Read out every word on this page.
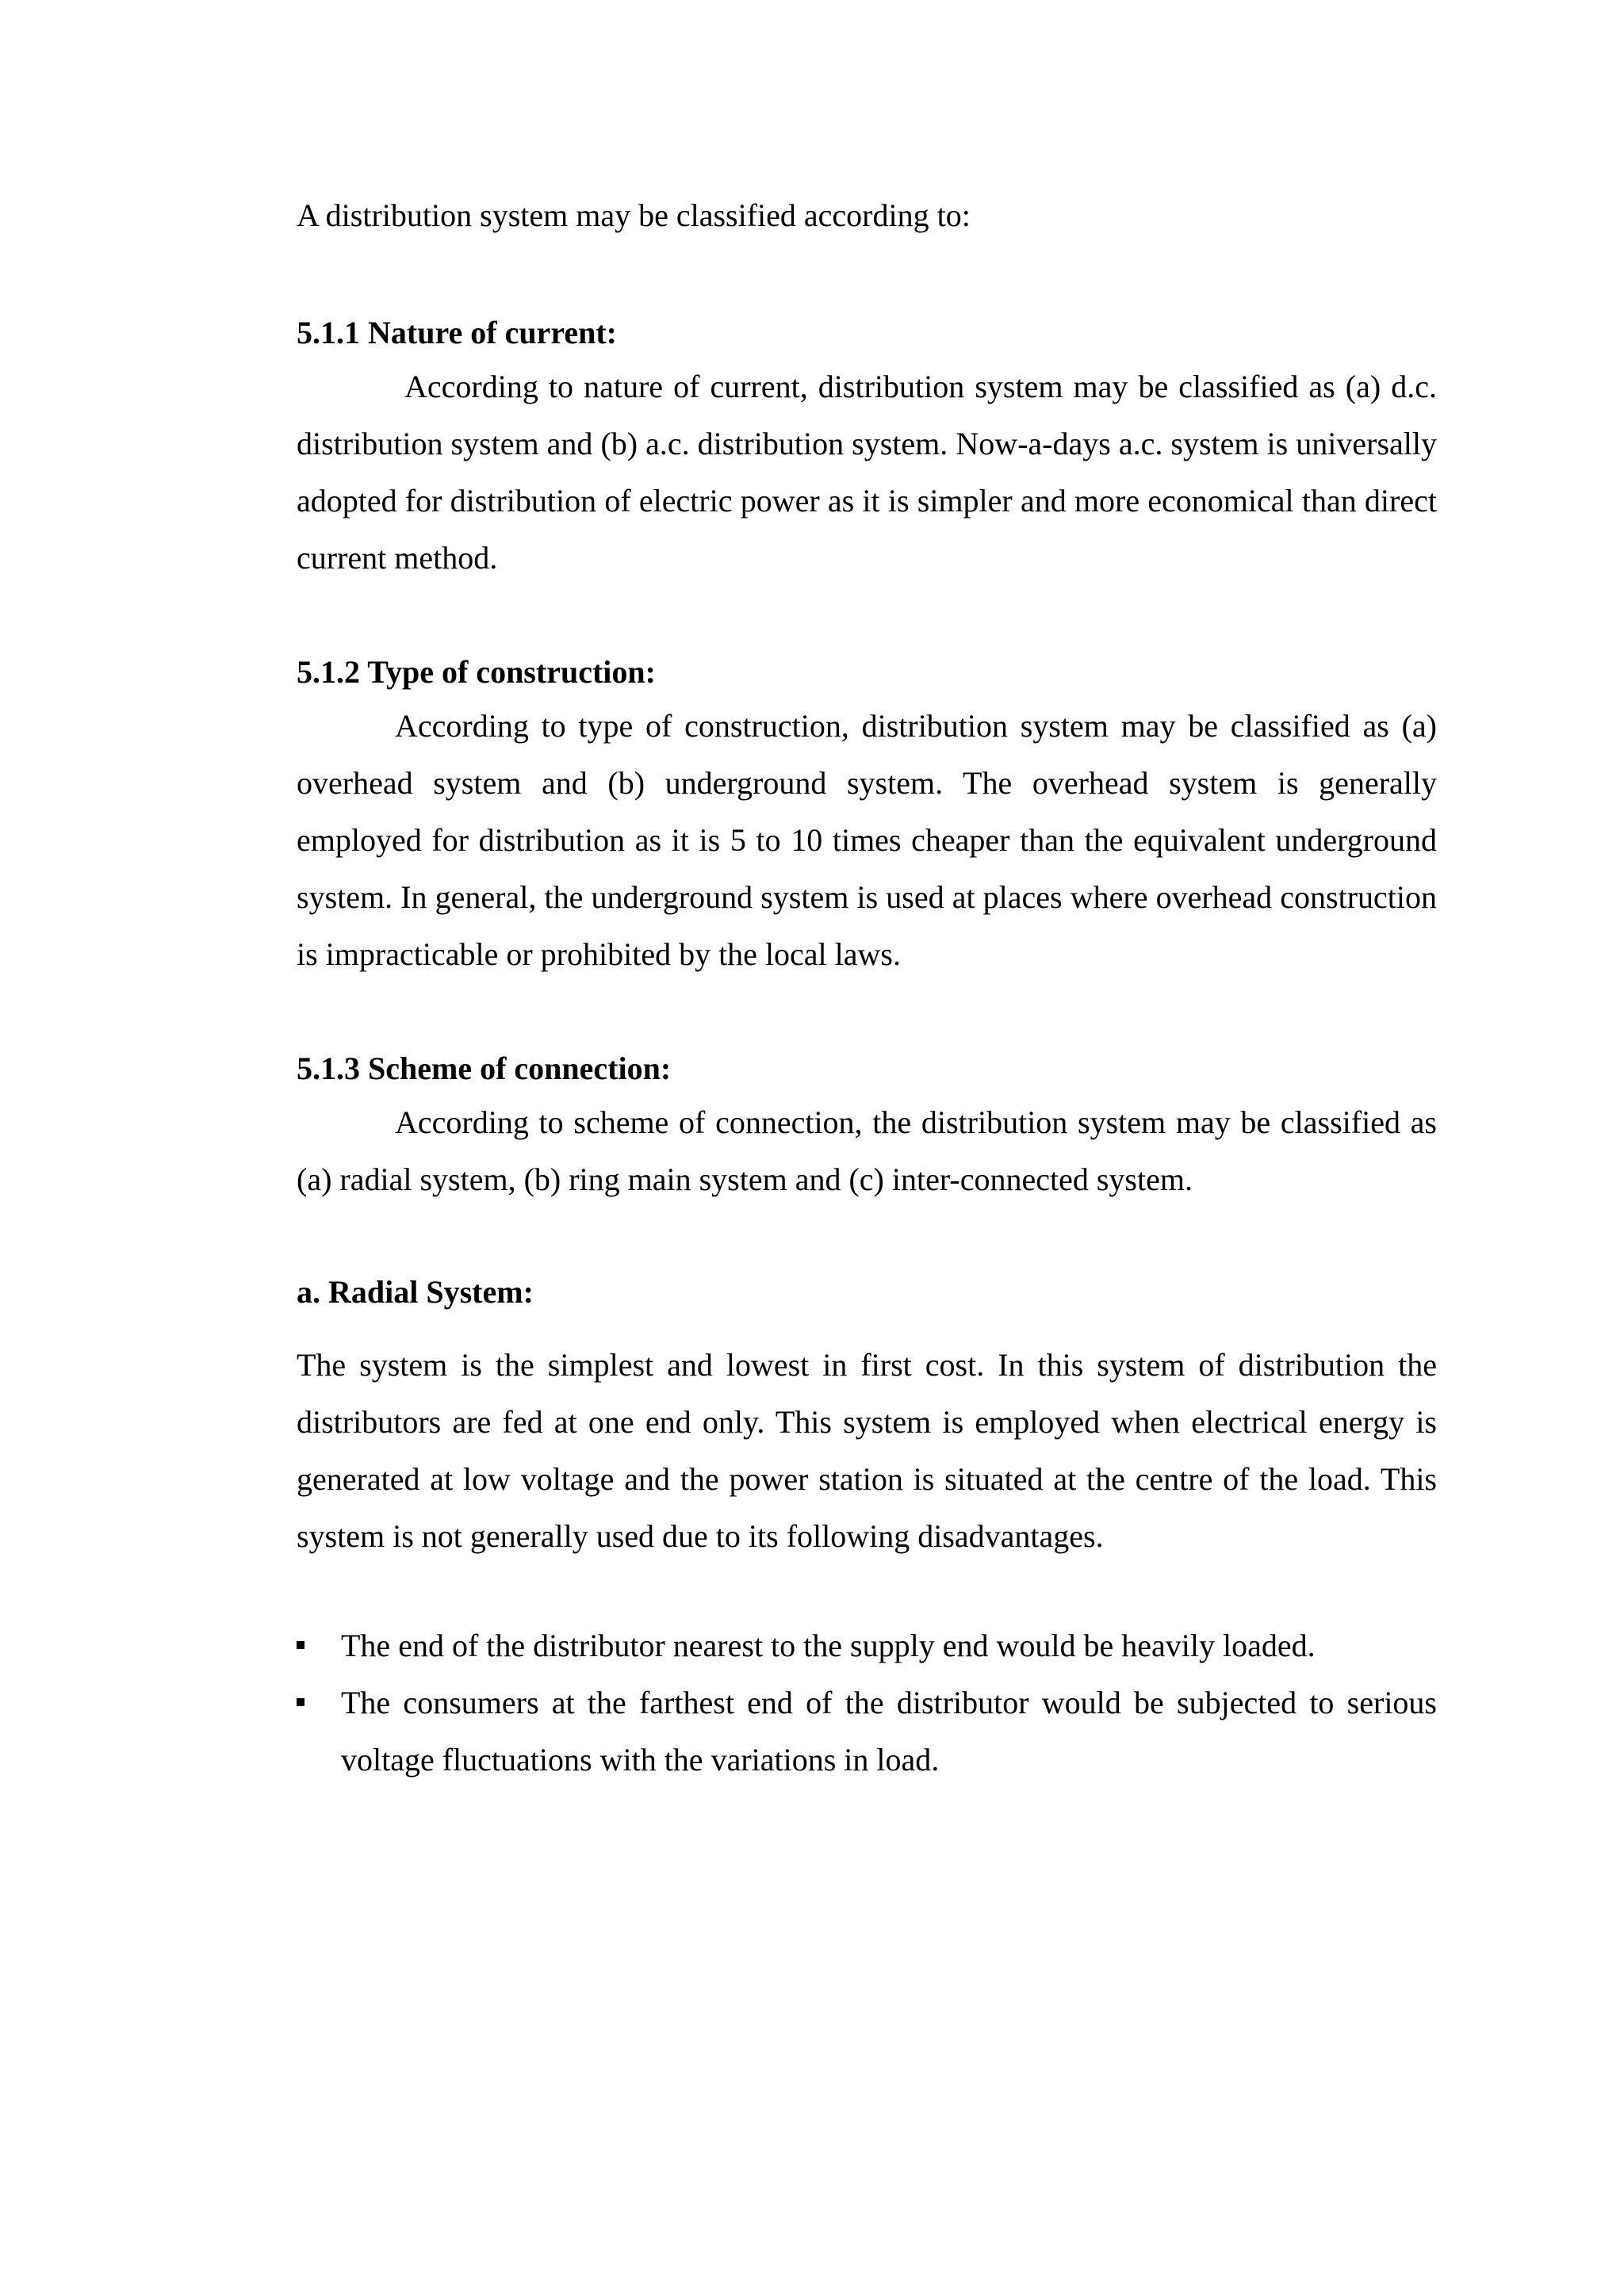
A distribution system may be classified according to:
5.1.1 Nature of current:
According to nature of current, distribution system may be classified as (a) d.c. distribution system and (b) a.c. distribution system. Now-a-days a.c. system is universally adopted for distribution of electric power as it is simpler and more economical than direct current method.
5.1.2 Type of construction:
According to type of construction, distribution system may be classified as (a) overhead system and (b) underground system. The overhead system is generally employed for distribution as it is 5 to 10 times cheaper than the equivalent underground system. In general, the underground system is used at places where overhead construction is impracticable or prohibited by the local laws.
5.1.3 Scheme of connection:
According to scheme of connection, the distribution system may be classified as (a) radial system, (b) ring main system and (c) inter-connected system.
a. Radial System:
The system is the simplest and lowest in first cost. In this system of distribution the distributors are fed at one end only. This system is employed when electrical energy is generated at low voltage and the power station is situated at the centre of the load. This system is not generally used due to its following disadvantages.
The end of the distributor nearest to the supply end would be heavily loaded.
The consumers at the farthest end of the distributor would be subjected to serious voltage fluctuations with the variations in load.
